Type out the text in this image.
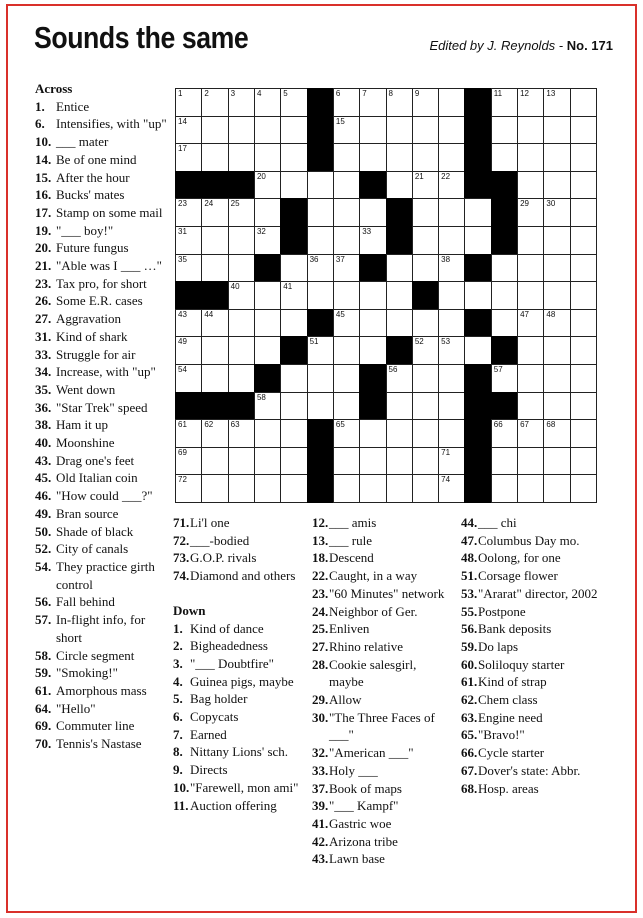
Sounds the same	Edited by J. Reynolds - No. 171
1	2	3	4	5	6	7	8	9	11 12 13
14	15
17
20	21 22
23 24 25	29 30
31	32	33
35	36 37	38
40	41
43 44	45	47 48
49	51	52 53
54	56	57
58
61 62 63	65	66 67 68
69	71
72	74
Across
1. Entice
6. Intensifies, with "up"
10. ___ mater
14. Be of one mind
15. After the hour
16. Bucks' mates
17. Stamp on some mail
19. "___ boy!"
20. Future fungus
21. "Able was I ___ …"
23. Tax pro, for short
26. Some E.R. cases
27. Aggravation
31. Kind of shark
33. Struggle for air
34. Increase, with "up"
35. Went down
36. "Star Trek" speed
38. Ham it up
40. Moonshine
43. Drag one's feet
45. Old Italian coin
46. "How could ___?"
49. Bran source
50. Shade of black
52. City of canals
54. They practice girth control
56. Fall behind
57. In-flight info, for short
58. Circle segment
59. "Smoking!"
61. Amorphous mass
64. "Hello"
69. Commuter line
70. Tennis's Nastase
71. Li'l one
72. ___-bodied
73. G.O.P. rivals
74. Diamond and others
Down
1. Kind of dance
2. Bigheadedness
3. "___ Doubtfire"
4. Guinea pigs, maybe
5. Bag holder
6. Copycats
7. Earned
8. Nittany Lions' sch.
9. Directs
10. "Farewell, mon ami"
11. Auction offering
12. ___ amis
13. ___ rule
18. Descend
22. Caught, in a way
23. "60 Minutes" network
24. Neighbor of Ger.
25. Enliven
27. Rhino relative
28. Cookie salesgirl, maybe
29. Allow
30. "The Three Faces of ___"
32. "American ___"
33. Holy ___
37. Book of maps
39. "___ Kampf"
41. Gastric woe
42. Arizona tribe
43. Lawn base
44. ___ chi
47. Columbus Day mo.
48. Oolong, for one
51. Corsage flower
53. "Ararat" director, 2002
55. Postpone
56. Bank deposits
59. Do laps
60. Soliloquy starter
61. Kind of strap
62. Chem class
63. Engine need
65. "Bravo!"
66. Cycle starter
67. Dover's state: Abbr.
68. Hosp. areas
